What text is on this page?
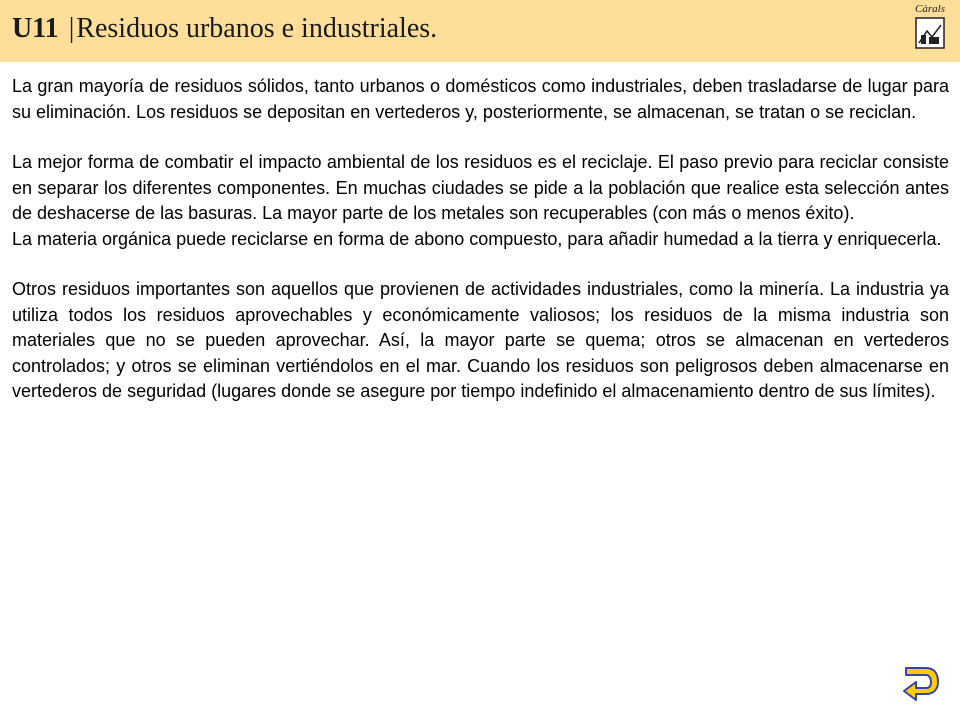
U11 |Residuos urbanos e industriales.
Càrals

La gran mayoría de residuos sólidos, tanto urbanos o domésticos como industriales, deben trasladarse de lugar para su eliminación. Los residuos se depositan en vertederos y, posteriormente, se almacenan, se tratan o se reciclan.

La mejor forma de combatir el impacto ambiental de los residuos es el reciclaje. El paso previo para reciclar consiste en separar los diferentes componentes. En muchas ciudades se pide a la población que realice esta selección antes de deshacerse de las basuras. La mayor parte de los metales son recuperables (con más o menos éxito).

La materia orgánica puede reciclarse en forma de abono compuesto, para añadir humedad a la tierra y enriquecerla.

Otros residuos importantes son aquellos que provienen de actividades industriales, como la minería. La industria ya utiliza todos los residuos aprovechables y económicamente valiosos; los residuos de la misma industria son materiales que no se pueden aprovechar. Así, la mayor parte se quema; otros se almacenan en vertederos controlados; y otros se eliminan vertiéndolos en el mar. Cuando los residuos son peligrosos deben almacenarse en vertederos de seguridad (lugares donde se asegure por tiempo indefinido el almacenamiento dentro de sus límites).
